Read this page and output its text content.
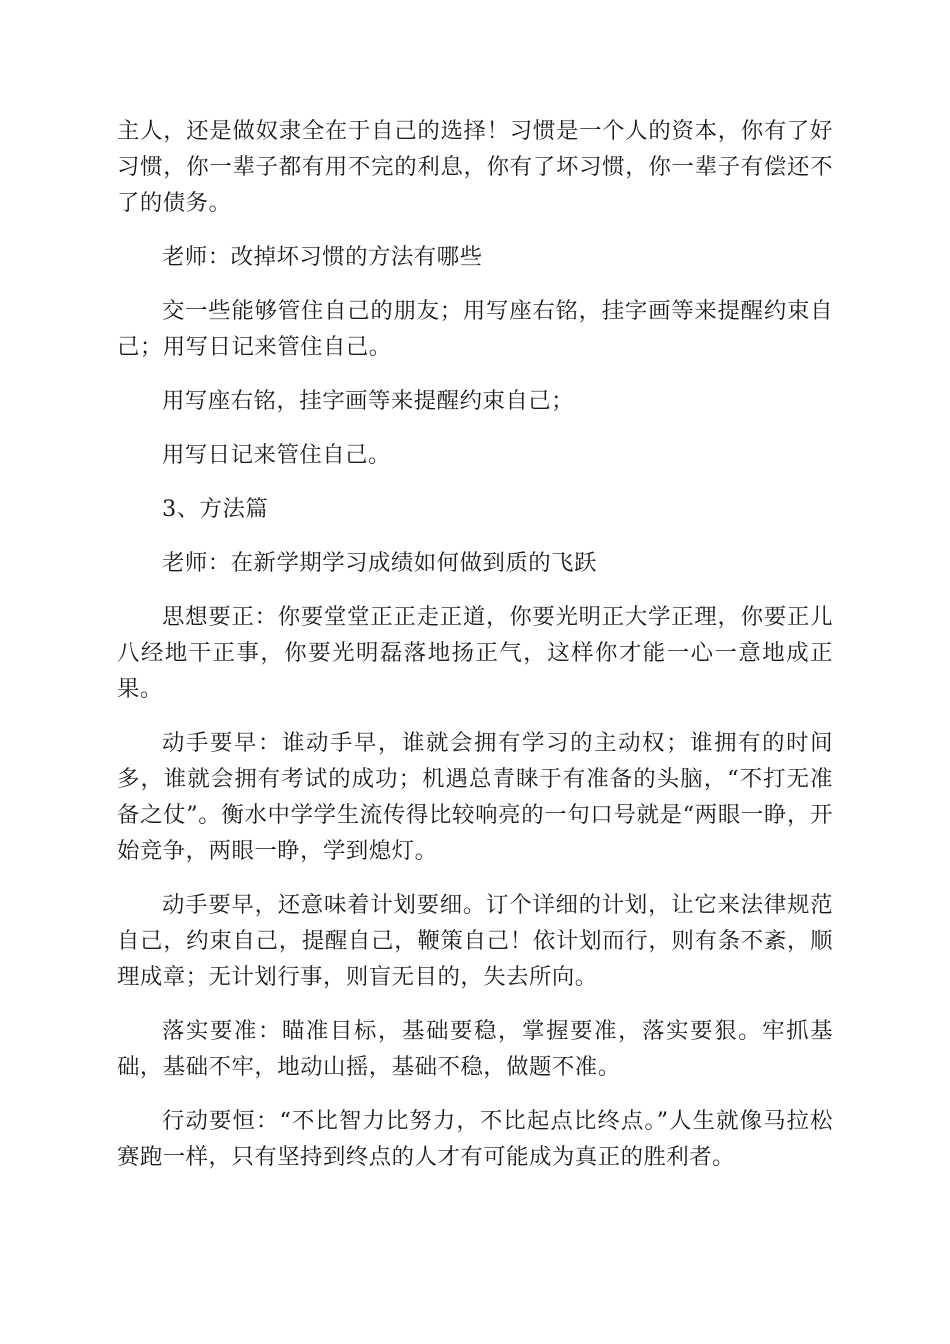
主人，还是做奴隶全在于自己的选择！习惯是一个人的资本，你有了好习惯，你一辈子都有用不完的利息，你有了坏习惯，你一辈子有偿还不了的债务。

老师：改掉坏习惯的方法有哪些

交一些能够管住自己的朋友；用写座右铭，挂字画等来提醒约束自己；用写日记来管住自己。

用写座右铭，挂字画等来提醒约束自己；

用写日记来管住自己。

3、方法篇

老师：在新学期学习成绩如何做到质的飞跃

思想要正：你要堂堂正正走正道，你要光明正大学正理，你要正儿八经地干正事，你要光明磊落地扬正气，这样你才能一心一意地成正果。

动手要早：谁动手早，谁就会拥有学习的主动权；谁拥有的时间多，谁就会拥有考试的成功；机遇总青睐于有准备的头脑，“不打无准备之仗”。衡水中学学生流传得比较响亮的一句口号就是“两眼一睁，开始竞争，两眼一睁，学到熄灯。

动手要早，还意味着计划要细。订个详细的计划，让它来法律规范自己，约束自己，提醒自己，鞭策自己！依计划而行，则有条不紊，顺理成章；无计划行事，则盲无目的，失去所向。

落实要准：瞄准目标，基础要稳，掌握要准，落实要狠。牢抓基础，基础不牢，地动山摇，基础不稳，做题不准。

行动要恒：“不比智力比努力，不比起点比终点。”人生就像马拉松赛跑一样，只有坚持到终点的人才有可能成为真正的胜利者。
